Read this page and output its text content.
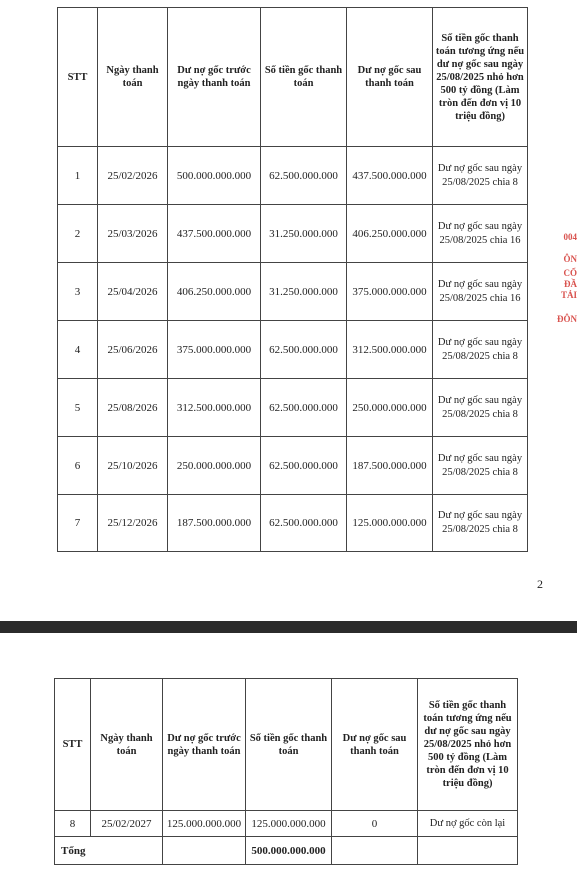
STT	Ngày thanh toán	Dư nợ gốc trước ngày thanh toán	Số tiền gốc thanh toán	Dư nợ gốc sau thanh toán	Số tiền gốc thanh toán tương ứng nếu dư nợ gốc sau ngày 25/08/2025 nhỏ hơn 500 tỷ đồng (Làm tròn đến đơn vị 10 triệu đồng)
1	25/02/2026	500.000.000.000	62.500.000.000	437.500.000.000	Dư nợ gốc sau ngày 25/08/2025 chia 8
2	25/03/2026	437.500.000.000	31.250.000.000	406.250.000.000	Dư nợ gốc sau ngày 25/08/2025 chia 16
3	25/04/2026	406.250.000.000	31.250.000.000	375.000.000.000	Dư nợ gốc sau ngày 25/08/2025 chia 16
4	25/06/2026	375.000.000.000	62.500.000.000	312.500.000.000	Dư nợ gốc sau ngày 25/08/2025 chia 8
5	25/08/2026	312.500.000.000	62.500.000.000	250.000.000.000	Dư nợ gốc sau ngày 25/08/2025 chia 8
6	25/10/2026	250.000.000.000	62.500.000.000	187.500.000.000	Dư nợ gốc sau ngày 25/08/2025 chia 8
7	25/12/2026	187.500.000.000	62.500.000.000	125.000.000.000	Dư nợ gốc sau ngày 25/08/2025 chia 8
2
004
ÔN
CỔ
ĐẦ
TẢI
ĐÔN
STT	Ngày thanh toán	Dư nợ gốc trước ngày thanh toán	Số tiền gốc thanh toán	Dư nợ gốc sau thanh toán	Số tiền gốc thanh toán tương ứng nếu dư nợ gốc sau ngày 25/08/2025 nhỏ hơn 500 tỷ đồng (Làm tròn đến đơn vị 10 triệu đồng)
8	25/02/2027	125.000.000.000	125.000.000.000	0	Dư nợ gốc còn lại
Tổng			500.000.000.000		
